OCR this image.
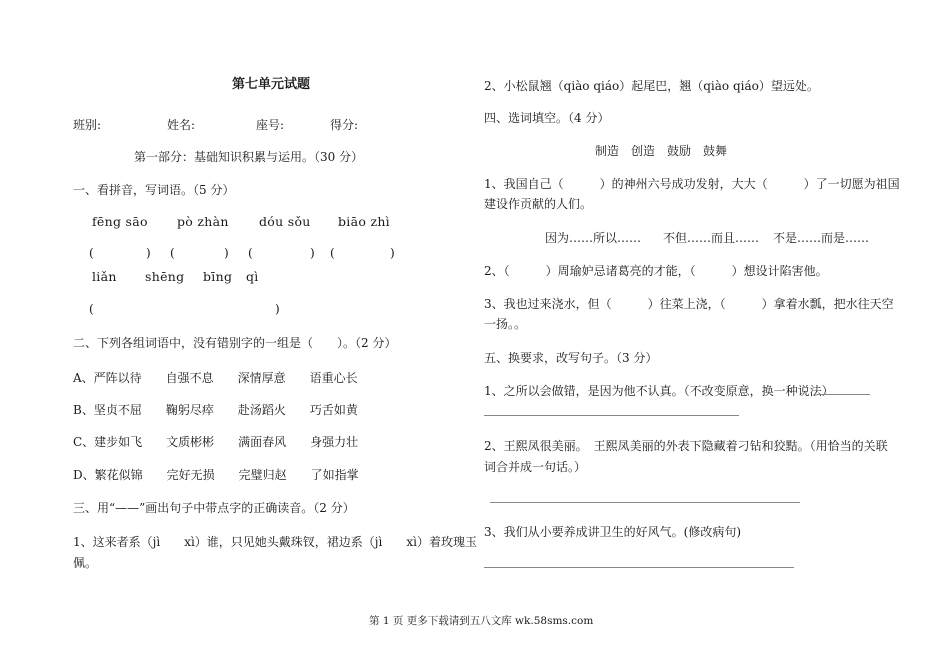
第七单元试题
班别:	姓名:	座号:	得分:
第一部分：基础知识积累与运用。（30 分）
一、看拼音，写词语。（5 分）
fēng sāo pò zhàn dóu sǒu biāo zhì
(	) (	) (	) (	)
liǎn shēng bīng qì
(	)
二、下列各组词语中，没有错别字的一组是（　　）。（2 分）
A、严阵以待　　自强不息　　深情厚意　　语重心长
B、坚贞不屈　　鞠躬尽瘁　　赴汤蹈火　　巧舌如黄
C、建步如飞　　文质彬彬　　满面春风　　身强力壮
D、繁花似锦　　完好无损　　完璧归赵　　了如指掌
三、用“——”画出句子中带点字的正确读音。（2 分）
1、这来者系（jì　　xì）谁，只见她头戴珠钗，裙边系（jì　　xì）着玫瑰玉
佩。
2、小松鼠翘（qiào qiáo）起尾巴，翘（qiào qiáo）望远处。
四、选词填空。（4 分）
制造　创造　鼓励　鼓舞
1、我国自己（　　　）的神州六号成功发射，大大（　　　）了一切愿为祖国
建设作贡献的人们。
因为……所以…… 不但……而且…… 不是……而是……
2、（　　　）周瑜妒忌诸葛亮的才能，（　　　）想设计陷害他。
3、我也过来浇水，但（　　　）往菜上浇，（　　　）拿着水瓢，把水往天空
一扬。。
五、换要求，改写句子。（3 分）
1、之所以会做错，是因为他不认真。（不改变原意，换一种说法）
2、王熙凤很美丽。　王熙凤美丽的外表下隐藏着刁钻和狡黠。（用恰当的关联
词合并成一句话。）
3、我们从小要养成讲卫生的好风气。(修改病句)
第 1 页 更多下载请到五八文库 wk.58sms.com
